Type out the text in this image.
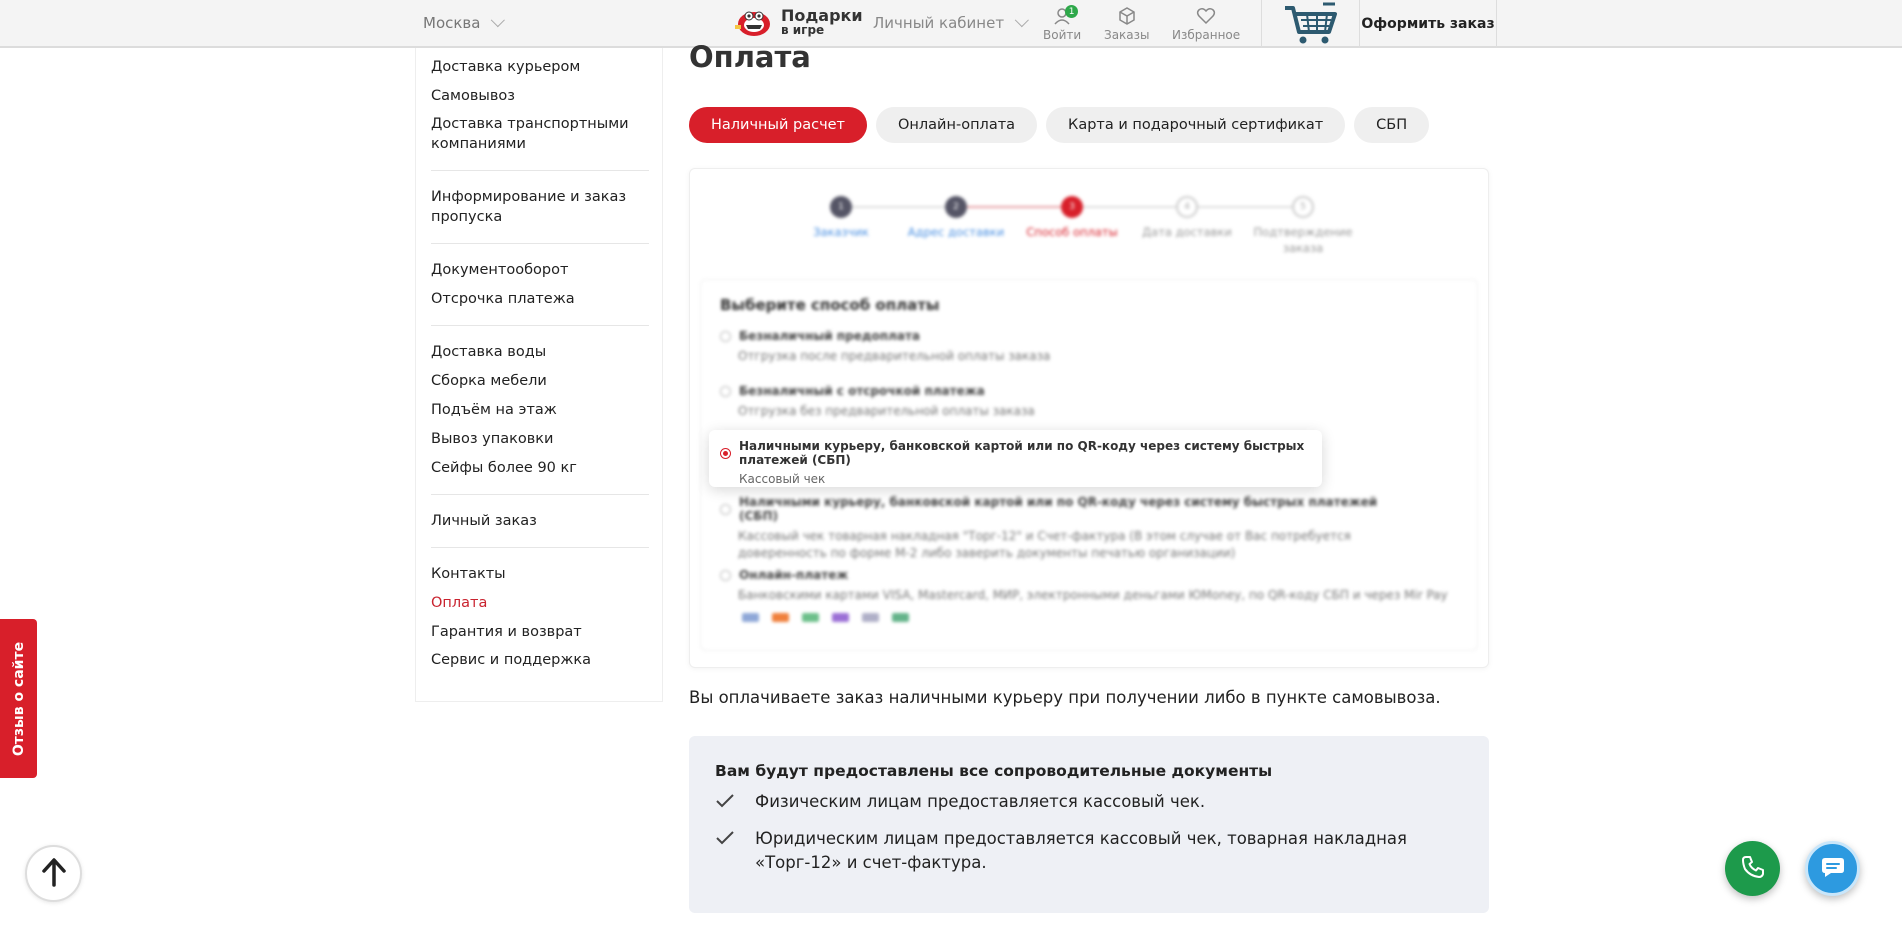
Москва	Подарки
в игре	Личный кабинет
1
Войти Заказы Избранное
Оформить заказ
Доставка курьером
Самовывоз
Доставка транспортными компаниями
Информирование и заказ пропуска
Документооборот
Отсрочка платежа
Доставка воды
Сборка мебели
Подъём на этаж
Вывоз упаковки
Сейфы более 90 кг
Личный заказ
Контакты
Оплата
Гарантия и возврат
Сервис и поддержка
Отзыв о сайте
Оплата
Наличный расчет	Онлайн-оплата	Карта и подарочный сертификат	СБП
1
Заказчик
2
Адрес доставки
3
Способ оплаты
4
Дата доставки
5
Подтверждение заказа
Выберите способ оплаты
Безналичный предоплата
Отгрузка после предварительной оплаты заказа
Безналичный с отсрочкой платежа
Отгрузка без предварительной оплаты заказа
Наличными курьеру, банковской картой или по QR-коду через систему быстрых платежей (СБП)
Кассовый чек
Наличными курьеру, банковской картой или по QR-коду через систему быстрых платежей (СБП)
Кассовый чек товарная накладная "Торг-12" и Счет-фактура (В этом случае от Вас потребуется доверенность по форме М-2 либо заверить документы печатью организации)
Онлайн-платеж
Банковскими картами VISA, Mastercard, МИР, электронными деньгами ЮMoney, по QR-коду СБП и через Mir Pay

Вы оплачиваете заказ наличными курьеру при получении либо в пункте самовывоза.

Вам будут предоставлены все сопроводительные документы
Физическим лицам предоставляется кассовый чек.
Юридическим лицам предоставляется кассовый чек, товарная накладная «Торг-12» и счет-фактура.
